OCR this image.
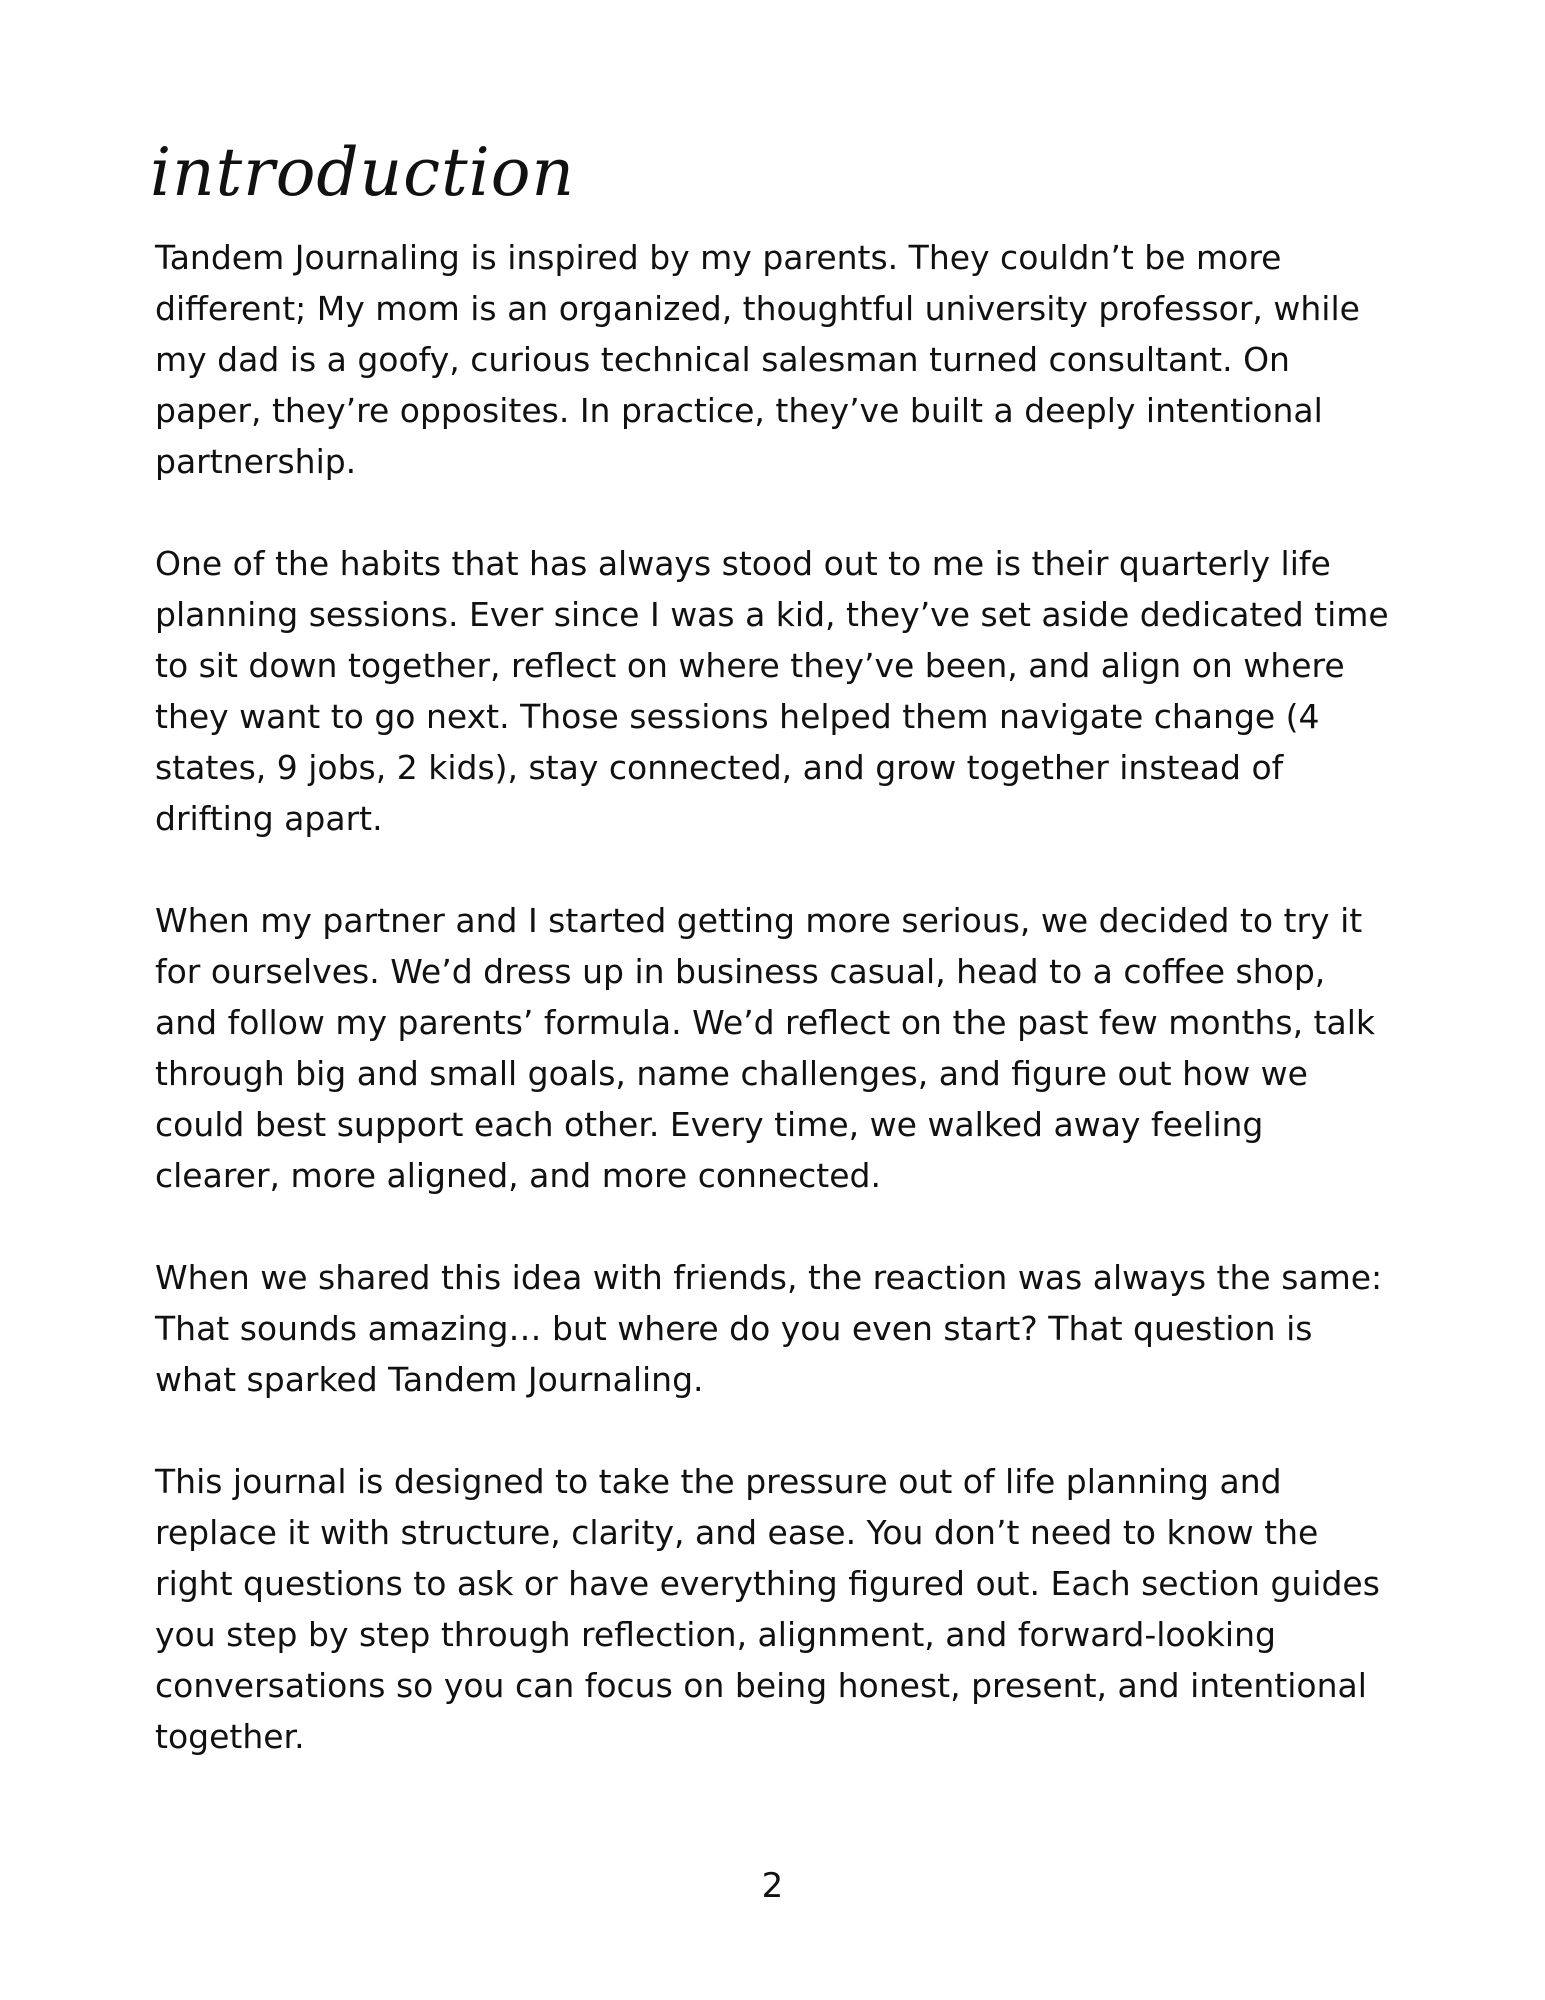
introduction

Tandem Journaling is inspired by my parents. They couldn’t be more different; My mom is an organized, thoughtful university professor, while my dad is a goofy, curious technical salesman turned consultant. On paper, they’re opposites. In practice, they’ve built a deeply intentional partnership.

One of the habits that has always stood out to me is their quarterly life planning sessions. Ever since I was a kid, they’ve set aside dedicated time to sit down together, reflect on where they’ve been, and align on where they want to go next. Those sessions helped them navigate change (4 states, 9 jobs, 2 kids), stay connected, and grow together instead of drifting apart.

When my partner and I started getting more serious, we decided to try it for ourselves. We’d dress up in business casual, head to a coffee shop, and follow my parents’ formula. We’d reflect on the past few months, talk through big and small goals, name challenges, and figure out how we could best support each other. Every time, we walked away feeling clearer, more aligned, and more connected.

When we shared this idea with friends, the reaction was always the same: That sounds amazing… but where do you even start? That question is what sparked Tandem Journaling.

This journal is designed to take the pressure out of life planning and replace it with structure, clarity, and ease. You don’t need to know the right questions to ask or have everything figured out. Each section guides you step by step through reflection, alignment, and forward-looking conversations so you can focus on being honest, present, and intentional together.

2
